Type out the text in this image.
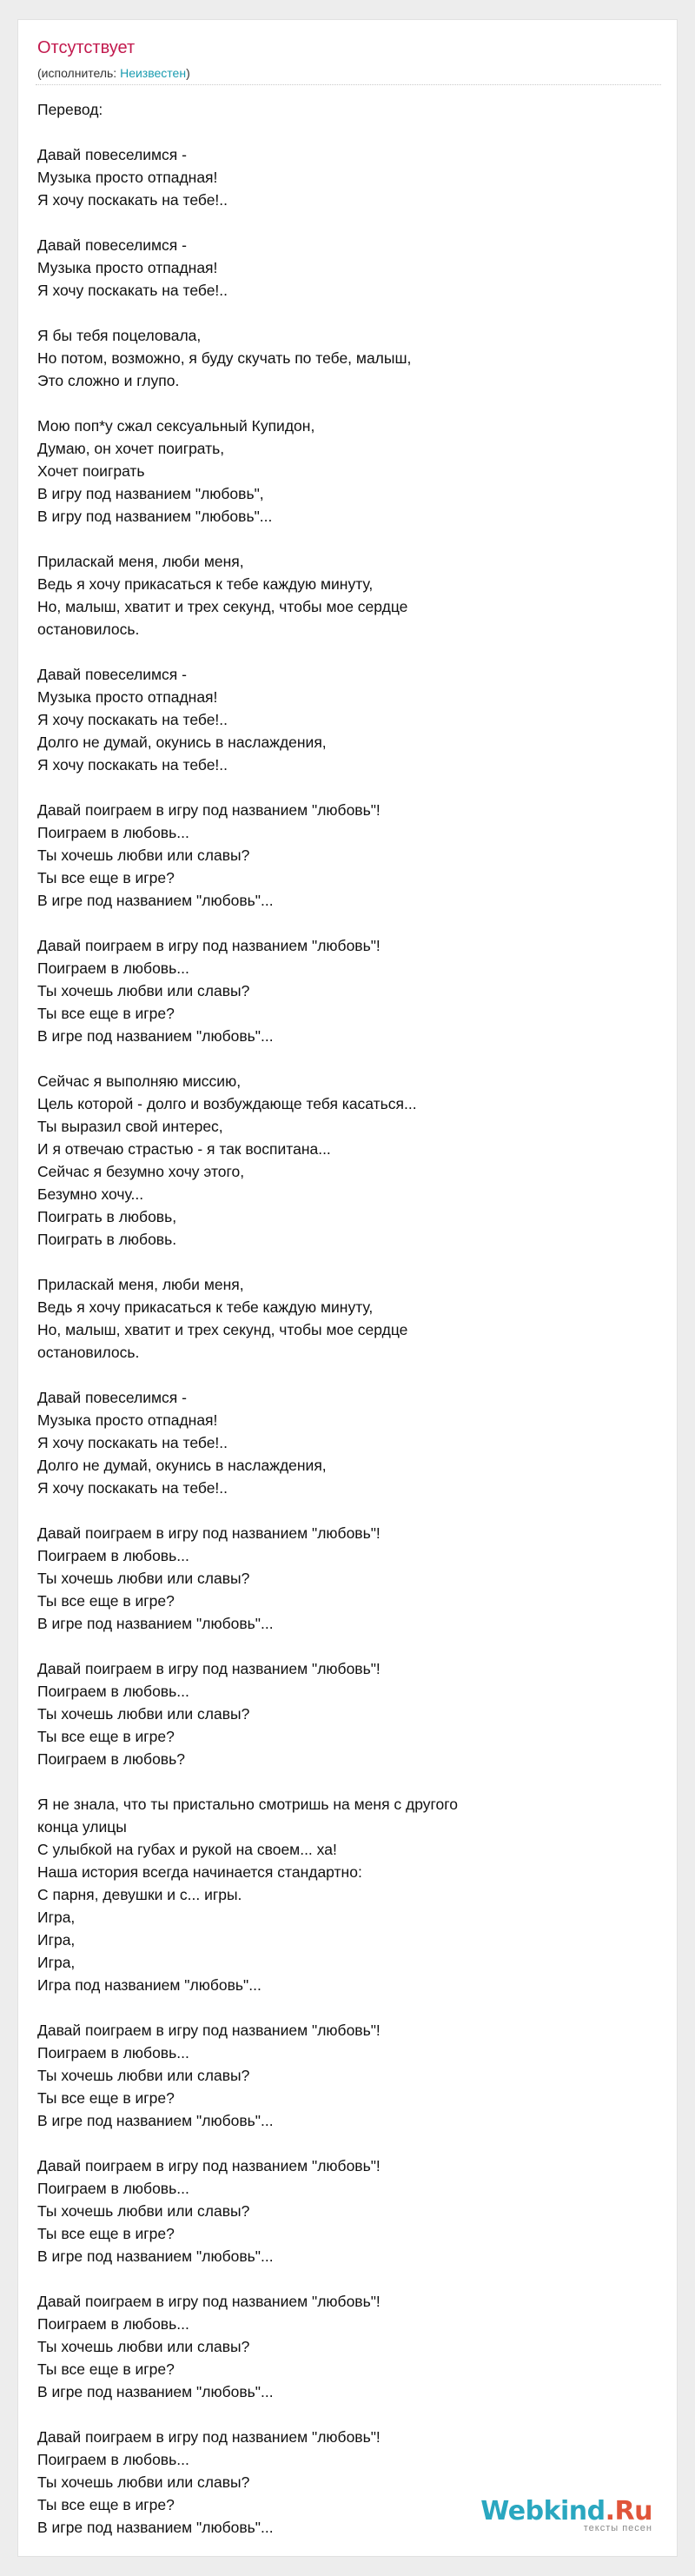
Отсутствует
(исполнитель: Неизвестен)
Перевод:
Давай повеселимся -
Музыка просто отпадная!
Я хочу поскакать на тебе!..
Давай повеселимся -
Музыка просто отпадная!
Я хочу поскакать на тебе!..
Я бы тебя поцеловала,
Но потом, возможно, я буду скучать по тебе, малыш,
Это сложно и глупо.
Мою поп*у сжал сексуальный Купидон,
Думаю, он хочет поиграть,
Хочет поиграть
В игру под названием "любовь",
В игру под названием "любовь"...
Приласкай меня, люби меня,
Ведь я хочу прикасаться к тебе каждую минуту,
Но, малыш, хватит и трех секунд, чтобы мое сердце
остановилось.
Давай повеселимся -
Музыка просто отпадная!
Я хочу поскакать на тебе!..
Долго не думай, окунись в наслаждения,
Я хочу поскакать на тебе!..
Давай поиграем в игру под названием "любовь"!
Поиграем в любовь...
Ты хочешь любви или славы?
Ты все еще в игре?
В игре под названием "любовь"...
Давай поиграем в игру под названием "любовь"!
Поиграем в любовь...
Ты хочешь любви или славы?
Ты все еще в игре?
В игре под названием "любовь"...
Сейчас я выполняю миссию,
Цель которой - долго и возбуждающе тебя касаться...
Ты выразил свой интерес,
И я отвечаю страстью - я так воспитана...
Сейчас я безумно хочу этого,
Безумно хочу...
Поиграть в любовь,
Поиграть в любовь.
Приласкай меня, люби меня,
Ведь я хочу прикасаться к тебе каждую минуту,
Но, малыш, хватит и трех секунд, чтобы мое сердце
остановилось.
Давай повеселимся -
Музыка просто отпадная!
Я хочу поскакать на тебе!..
Долго не думай, окунись в наслаждения,
Я хочу поскакать на тебе!..
Давай поиграем в игру под названием "любовь"!
Поиграем в любовь...
Ты хочешь любви или славы?
Ты все еще в игре?
В игре под названием "любовь"...
Давай поиграем в игру под названием "любовь"!
Поиграем в любовь...
Ты хочешь любви или славы?
Ты все еще в игре?
Поиграем в любовь?
Я не знала, что ты пристально смотришь на меня с другого
конца улицы
С улыбкой на губах и рукой на своем... ха!
Наша история всегда начинается стандартно:
С парня, девушки и с... игры.
Игра,
Игра,
Игра,
Игра под названием "любовь"...
Давай поиграем в игру под названием "любовь"!
Поиграем в любовь...
Ты хочешь любви или славы?
Ты все еще в игре?
В игре под названием "любовь"...
Давай поиграем в игру под названием "любовь"!
Поиграем в любовь...
Ты хочешь любви или славы?
Ты все еще в игре?
В игре под названием "любовь"...
Давай поиграем в игру под названием "любовь"!
Поиграем в любовь...
Ты хочешь любви или славы?
Ты все еще в игре?
В игре под названием "любовь"...
Давай поиграем в игру под названием "любовь"!
Поиграем в любовь...
Ты хочешь любви или славы?
Ты все еще в игре?
В игре под названием "любовь"...
Webkind.Ru
тексты песен
